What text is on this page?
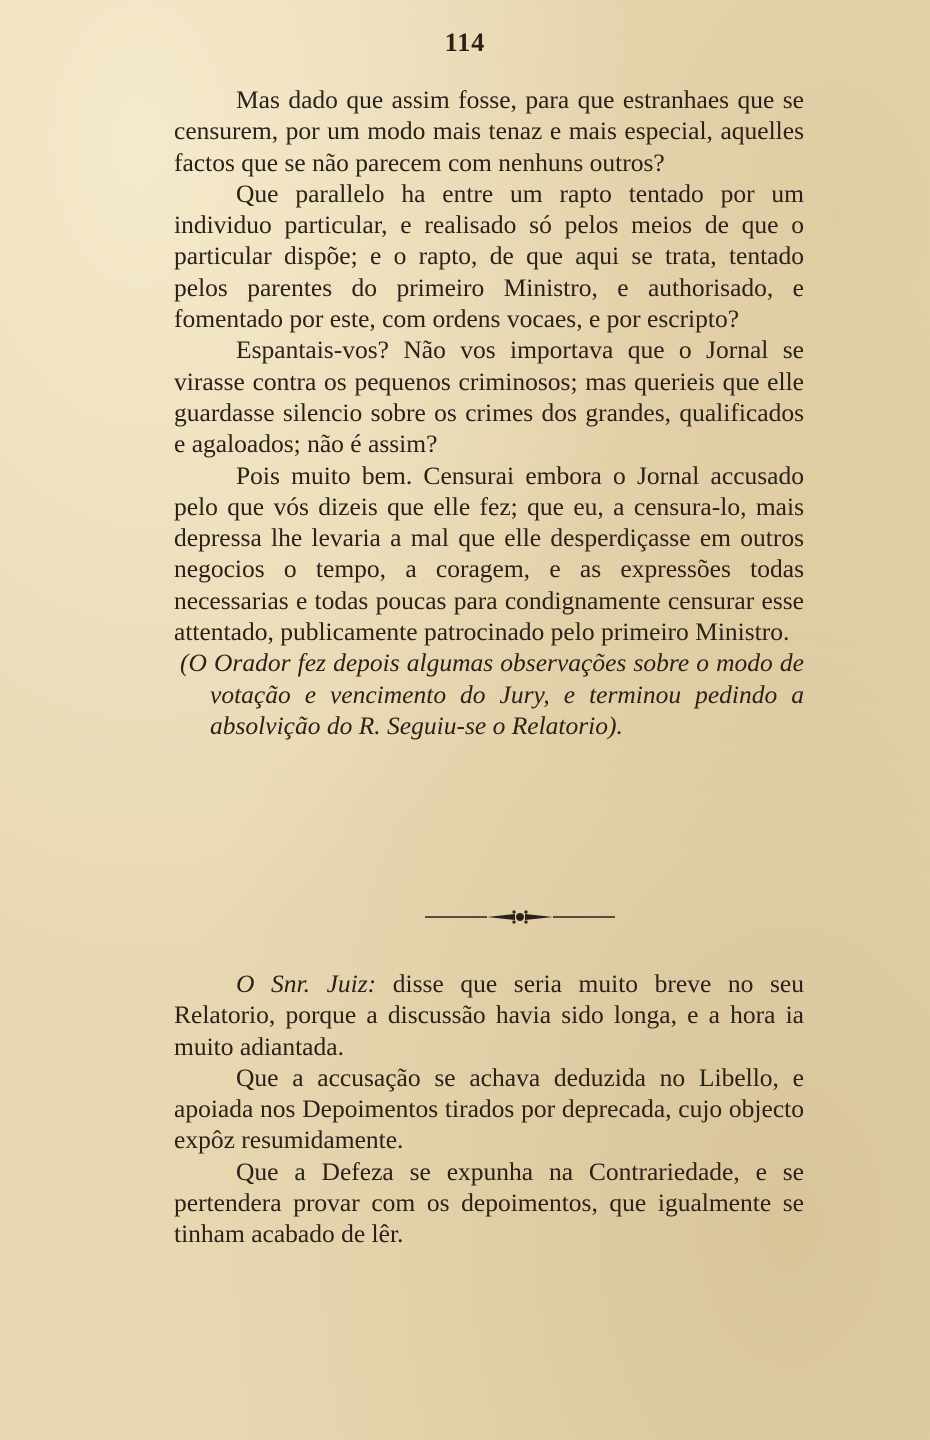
114

Mas dado que assim fosse, para que estranhaes que se censurem, por um modo mais tenaz e mais especial, aquelles factos que se não parecem com nenhuns outros?

Que parallelo ha entre um rapto tentado por um individuo particular, e realisado só pelos meios de que o particular dispõe; e o rapto, de que aqui se trata, tentado pelos parentes do primeiro Ministro, e authorisado, e fomentado por este, com ordens vocaes, e por escripto?

Espantais-vos? Não vos importava que o Jornal se virasse contra os pequenos criminosos; mas querieis que elle guardasse silencio sobre os crimes dos grandes, qualificados e agaloados; não é assim?

Pois muito bem. Censurai embora o Jornal accusado pelo que vós dizeis que elle fez; que eu, a censura-lo, mais depressa lhe levaria a mal que elle desperdiçasse em outros negocios o tempo, a coragem, e as expressões todas necessarias e todas poucas para condignamente censurar esse attentado, publicamente patrocinado pelo primeiro Ministro.

(O Orador fez depois algumas observações sobre o modo de votação e vencimento do Jury, e terminou pedindo a absolvição do R. Seguiu-se o Relatorio).

O Snr. Juiz: disse que seria muito breve no seu Relatorio, porque a discussão havia sido longa, e a hora ia muito adiantada.

Que a accusação se achava deduzida no Libello, e apoiada nos Depoimentos tirados por deprecada, cujo objecto expôz resumidamente.

Que a Defeza se expunha na Contrariedade, e se pertendera provar com os depoimentos, que igualmente se tinham acabado de lêr.
